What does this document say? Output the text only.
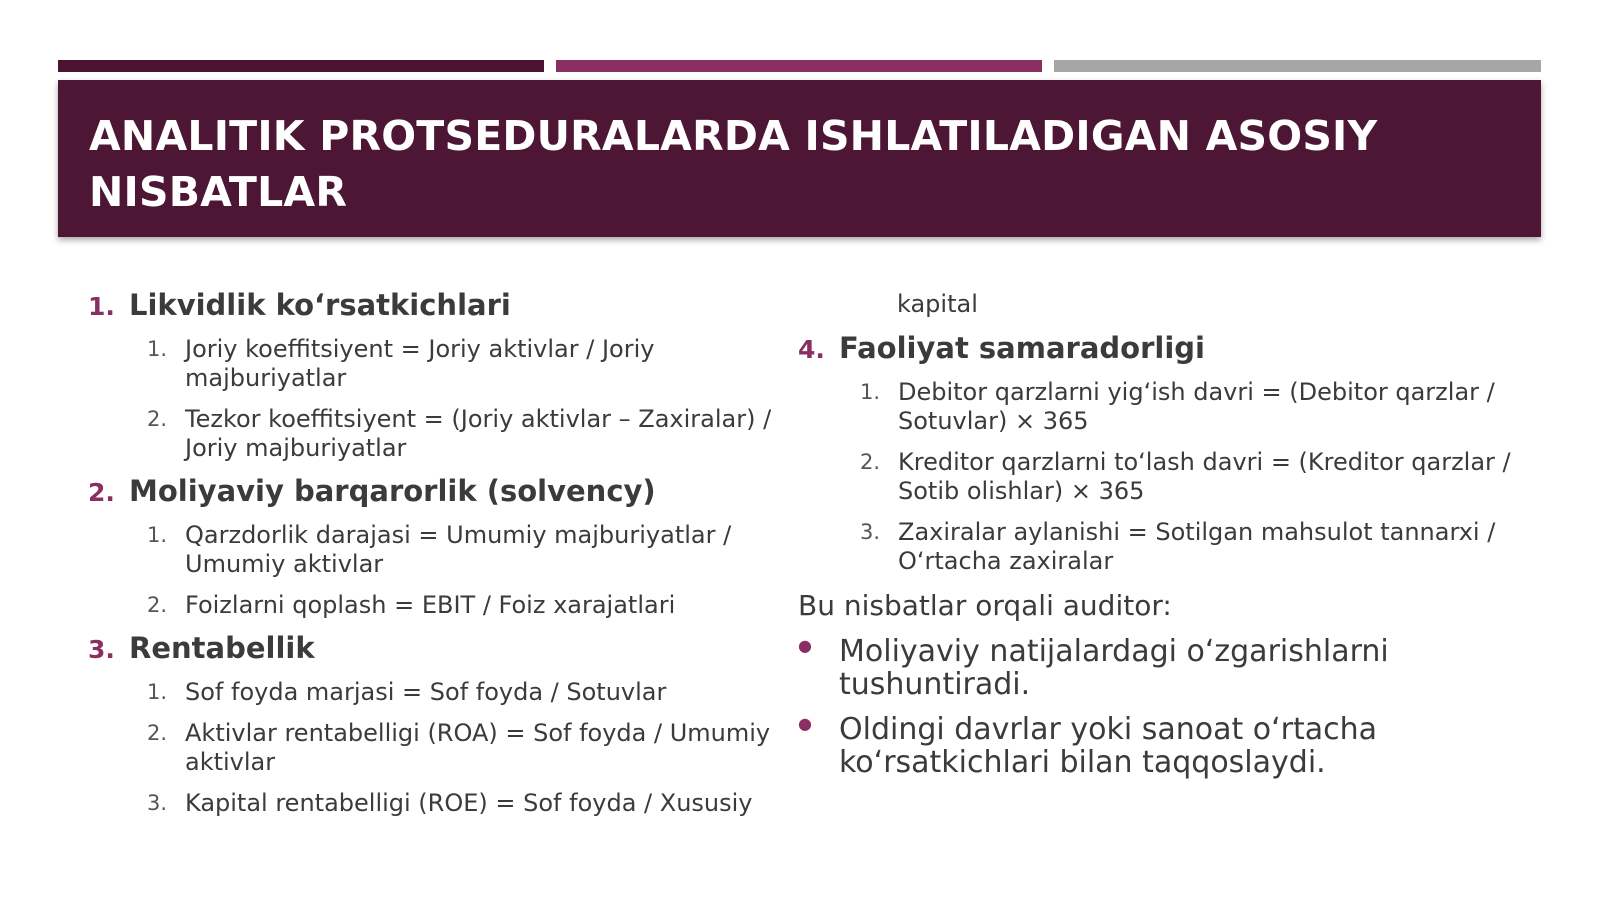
ANALITIK PROTSEDURALARDA ISHLATILADIGAN ASOSIY NISBATLAR
1. Likvidlik ko‘rsatkichlari
1. Joriy koeffitsiyent = Joriy aktivlar / Joriy majburiyatlar
2. Tezkor koeffitsiyent = (Joriy aktivlar – Zaxiralar) / Joriy majburiyatlar
2. Moliyaviy barqarorlik (solvency)
1. Qarzdorlik darajasi = Umumiy majburiyatlar / Umumiy aktivlar
2. Foizlarni qoplash = EBIT / Foiz xarajatlari
3. Rentabellik
1. Sof foyda marjasi = Sof foyda / Sotuvlar
2. Aktivlar rentabelligi (ROA) = Sof foyda / Umumiy aktivlar
3. Kapital rentabelligi (ROE) = Sof foyda / Xususiy
kapital
4. Faoliyat samaradorligi
1. Debitor qarzlarni yig‘ish davri = (Debitor qarzlar / Sotuvlar) × 365
2. Kreditor qarzlarni to‘lash davri = (Kreditor qarzlar / Sotib olishlar) × 365
3. Zaxiralar aylanishi = Sotilgan mahsulot tannarxi / O‘rtacha zaxiralar
Bu nisbatlar orqali auditor:
● Moliyaviy natijalardagi o‘zgarishlarni tushuntiradi.
● Oldingi davrlar yoki sanoat o‘rtacha ko‘rsatkichlari bilan taqqoslaydi.
